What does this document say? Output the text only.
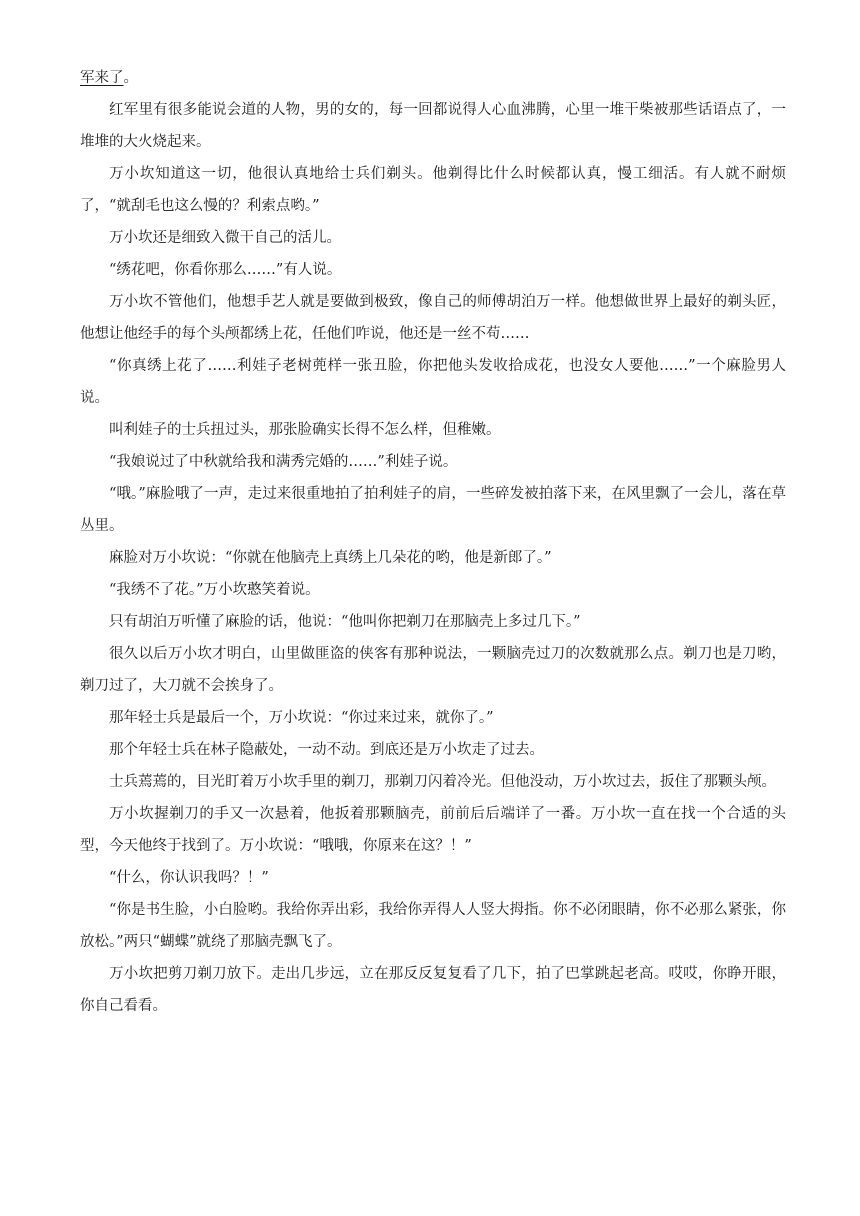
军来了。

红军里有很多能说会道的人物，男的女的，每一回都说得人心血沸腾，心里一堆干柴被那些话语点了，一堆堆的大火烧起来。

万小坎知道这一切，他很认真地给士兵们剃头。他剃得比什么时候都认真，慢工细活。有人就不耐烦了，“就刮毛也这么慢的？利索点哟。”

万小坎还是细致入微干自己的活儿。

“绣花吧，你看你那么……”有人说。

万小坎不管他们，他想手艺人就是要做到极致，像自己的师傅胡泊万一样。他想做世界上最好的剃头匠，他想让他经手的每个头颅都绣上花，任他们咋说，他还是一丝不苟……

“你真绣上花了……利娃子老树蔸样一张丑脸，你把他头发收拾成花，也没女人要他……”一个麻脸男人说。

叫利娃子的士兵扭过头，那张脸确实长得不怎么样，但稚嫩。

“我娘说过了中秋就给我和满秀完婚的……”利娃子说。

“哦。”麻脸哦了一声，走过来很重地拍了拍利娃子的肩，一些碎发被拍落下来，在风里飘了一会儿，落在草丛里。

麻脸对万小坎说：“你就在他脑壳上真绣上几朵花的哟，他是新郎了。”

“我绣不了花。”万小坎憨笑着说。

只有胡泊万听懂了麻脸的话，他说：“他叫你把剃刀在那脑壳上多过几下。”

很久以后万小坎才明白，山里做匪盗的侠客有那种说法，一颗脑壳过刀的次数就那么点。剃刀也是刀哟，剃刀过了，大刀就不会挨身了。

那年轻士兵是最后一个，万小坎说：“你过来过来，就你了。”

那个年轻士兵在林子隐蔽处，一动不动。到底还是万小坎走了过去。

士兵蔫蔫的，目光盯着万小坎手里的剃刀，那剃刀闪着冷光。但他没动，万小坎过去，扳住了那颗头颅。

万小坎握剃刀的手又一次悬着，他扳着那颗脑壳，前前后后端详了一番。万小坎一直在找一个合适的头型，今天他终于找到了。万小坎说：“哦哦，你原来在这？！”

“什么，你认识我吗？！”

“你是书生脸，小白脸哟。我给你弄出彩，我给你弄得人人竖大拇指。你不必闭眼睛，你不必那么紧张，你放松。”两只“蝴蝶”就绕了那脑壳飘飞了。

万小坎把剪刀剃刀放下。走出几步远，立在那反反复复看了几下，拍了巴掌跳起老高。哎哎，你睁开眼，你自己看看。
